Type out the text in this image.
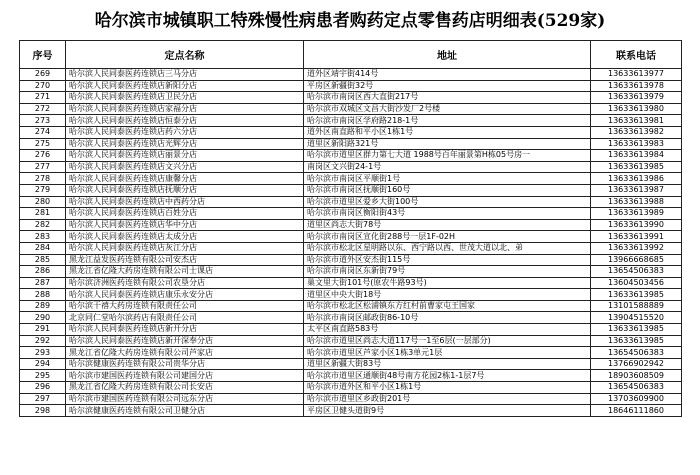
哈尔滨市城镇职工特殊慢性病患者购药定点零售药店明细表(529家)
序号	定点名称	地址	联系电话
269	哈尔滨人民同泰医药连锁店三马分店	道外区靖宇街414号	13633613977
270	哈尔滨人民同泰医药连锁店新阳分店	平房区新疆街32号	13633613978
271	哈尔滨人民同泰医药连锁店卫民分店	哈尔滨市南岗区西大直街217号	13633613979
272	哈尔滨人民同泰医药连锁店家福分店	哈尔滨市双城区文昌大街沙发厂2号楼	13633613980
273	哈尔滨人民同泰医药连锁店恒泰分店	哈尔滨市南岗区学府路218-1号	13633613981
274	哈尔滨人民同泰医药连锁店药六分店	道外区南直路和平小区1栋1号	13633613982
275	哈尔滨人民同泰医药连锁店光辉分店	道里区新阳路321号	13633613983
276	哈尔滨人民同泰医药连锁店丽景分店	哈尔滨市道里区群力第七大道 1988号百年丽景第H栋05号房一	13633613984
277	哈尔滨人民同泰医药连锁店文兴分店	南岗区文兴街24-1号	13633613985
278	哈尔滨人民同泰医药连锁店康馨分店	哈尔滨市南岗区平顺街1号	13633613986
279	哈尔滨人民同泰医药连锁店抚顺分店	哈尔滨市南岗区抚顺街160号	13633613987
280	哈尔滨人民同泰医药连锁店中西药分店	哈尔滨市道里区爱乡大街100号	13633613988
281	哈尔滨人民同泰医药连锁店百姓分店	哈尔滨市南岗区衡阳街43号	13633613989
282	哈尔滨人民同泰医药连锁店华中分店	道里区尚志大街78号	13633613990
283	哈尔滨人民同泰医药连锁店太成分店	哈尔滨市南岗区宣化街288号一层1F-02H	13633613991
284	哈尔滨人民同泰医药连锁店灰江分店	哈尔滨市松北区星明路以东、西宁路以西、世茂大道以北、弟	13633613992
285	黑龙江益发医药连锁有限公司安杰店	哈尔滨市道外区安杰街115号	13966668685
286	黑龙江省亿隆大药房连锁有限公司士课店	哈尔滨市南岗区东新街79号	13654506383
287	哈尔滨济洲医药连锁有限公司农垦分店	巢文里大街101号(原农牛路93号)	13604503456
288	哈尔滨人民同泰医药连锁店康乐永安分店	道里区中央大街18号	13633613985
289	哈尔滨干禧大药房连锁有限责任公司	哈尔滨市松北区松浦镇东方红村前曹家屯王国家	13101588889
290	北京同仁堂哈尔滨药店有限责任公司	哈尔滨市南岗区邮政街86-10号	13904515520
291	哈尔滨人民同泰医药连锁店新开分店	太平区南直路583号	13633613985
292	哈尔滨人民同泰医药连锁店新开深奉分店	哈尔滨市道里区尚志大道117号一1至6层(一层部分)	13633613985
293	黑龙江省亿隆大药房连锁有限公司芦家店	哈尔滨市道里区芦家小区1栋3单元1层	13654506383
294	哈尔滨健康医药连锁有限公司贵华分店	道里区新疆大街83号	13766902942
295	哈尔滨市建国医药连锁有限公司建国分店	哈尔滨市道里区通顺街48号南方花园2栋1-1层7号	18903608509
296	黑龙江省亿隆大药房连锁有限公司长安店	哈尔滨市道外区和平小区1栋1号	13654506383
297	哈尔滨市建国医药连锁有限公司远东分店	哈尔滨市道里区乡政街201号	13703609900
298	哈尔滨健康医药连锁有限公司卫健分店	平房区卫健头道街9号	18646111860
